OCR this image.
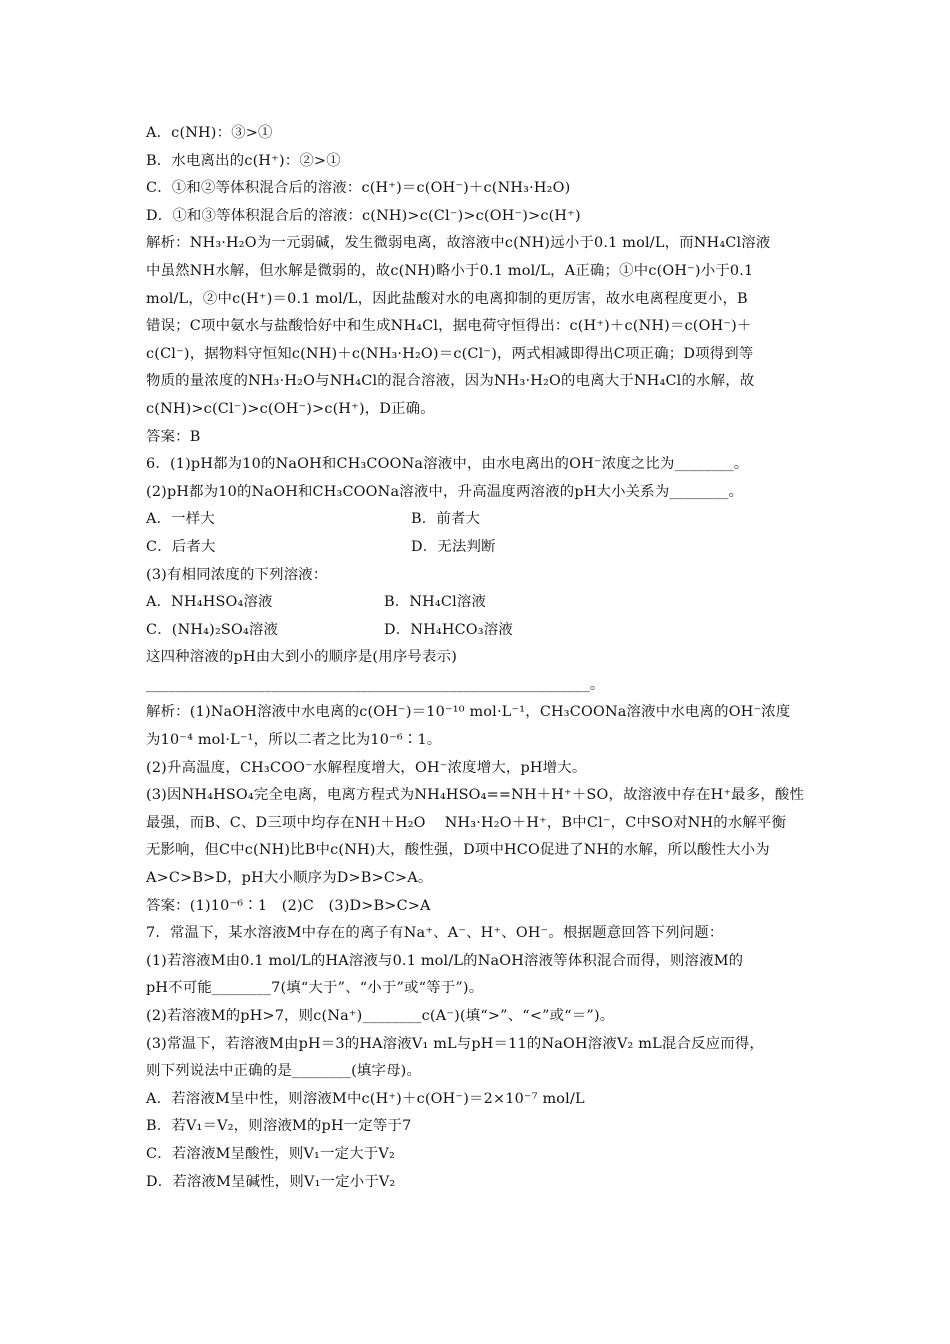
A．c(NH)：③>①
B．水电离出的c(H⁺)：②>①
C．①和②等体积混合后的溶液：c(H⁺)＝c(OH⁻)＋c(NH₃·H₂O)
D．①和③等体积混合后的溶液：c(NH)>c(Cl⁻)>c(OH⁻)>c(H⁺)
解析：NH₃·H₂O为一元弱碱，发生微弱电离，故溶液中c(NH)远小于0.1 mol/L，而NH₄Cl溶液
中虽然NH水解，但水解是微弱的，故c(NH)略小于0.1 mol/L，A正确；①中c(OH⁻)小于0.1
mol/L，②中c(H⁺)＝0.1 mol/L，因此盐酸对水的电离抑制的更厉害，故水电离程度更小，B
错误；C项中氨水与盐酸恰好中和生成NH₄Cl，据电荷守恒得出：c(H⁺)＋c(NH)＝c(OH⁻)＋
c(Cl⁻)，据物料守恒知c(NH)＋c(NH₃·H₂O)＝c(Cl⁻)，两式相减即得出C项正确；D项得到等
物质的量浓度的NH₃·H₂O与NH₄Cl的混合溶液，因为NH₃·H₂O的电离大于NH₄Cl的水解，故
c(NH)>c(Cl⁻)>c(OH⁻)>c(H⁺)，D正确。
答案：B
6．(1)pH都为10的NaOH和CH₃COONa溶液中，由水电离出的OH⁻浓度之比为________。
(2)pH都为10的NaOH和CH₃COONa溶液中，升高温度两溶液的pH大小关系为________。
A．一样大	B．前者大
C．后者大	D．无法判断
(3)有相同浓度的下列溶液：
A．NH₄HSO₄溶液	B．NH₄Cl溶液
C．(NH₄)₂SO₄溶液	D．NH₄HCO₃溶液
这四种溶液的pH由大到小的顺序是(用序号表示)
____________________________________________________________。
解析：(1)NaOH溶液中水电离的c(OH⁻)＝10⁻¹⁰ mol·L⁻¹，CH₃COONa溶液中水电离的OH⁻浓度
为10⁻⁴ mol·L⁻¹，所以二者之比为10⁻⁶∶1。
(2)升高温度，CH₃COO⁻水解程度增大，OH⁻浓度增大，pH增大。
(3)因NH₄HSO₄完全电离，电离方程式为NH₄HSO₄==NH＋H⁺＋SO，故溶液中存在H⁺最多，酸性
最强，而B、C、D三项中均存在NH＋H₂O    NH₃·H₂O＋H⁺，B中Cl⁻，C中SO对NH的水解平衡
无影响，但C中c(NH)比B中c(NH)大，酸性强，D项中HCO促进了NH的水解，所以酸性大小为
A>C>B>D，pH大小顺序为D>B>C>A。
答案：(1)10⁻⁶∶1　(2)C　(3)D>B>C>A
7．常温下，某水溶液M中存在的离子有Na⁺、A⁻、H⁺、OH⁻。根据题意回答下列问题：
(1)若溶液M由0.1 mol/L的HA溶液与0.1 mol/L的NaOH溶液等体积混合而得，则溶液M的
pH不可能________7(填“大于”、“小于”或“等于”)。
(2)若溶液M的pH>7，则c(Na⁺)________c(A⁻)(填“>”、“<”或“＝”)。
(3)常温下，若溶液M由pH＝3的HA溶液V₁ mL与pH＝11的NaOH溶液V₂ mL混合反应而得，
则下列说法中正确的是________(填字母)。
A．若溶液M呈中性，则溶液M中c(H⁺)＋c(OH⁻)＝2×10⁻⁷ mol/L
B．若V₁＝V₂，则溶液M的pH一定等于7
C．若溶液M呈酸性，则V₁一定大于V₂
D．若溶液M呈碱性，则V₁一定小于V₂
